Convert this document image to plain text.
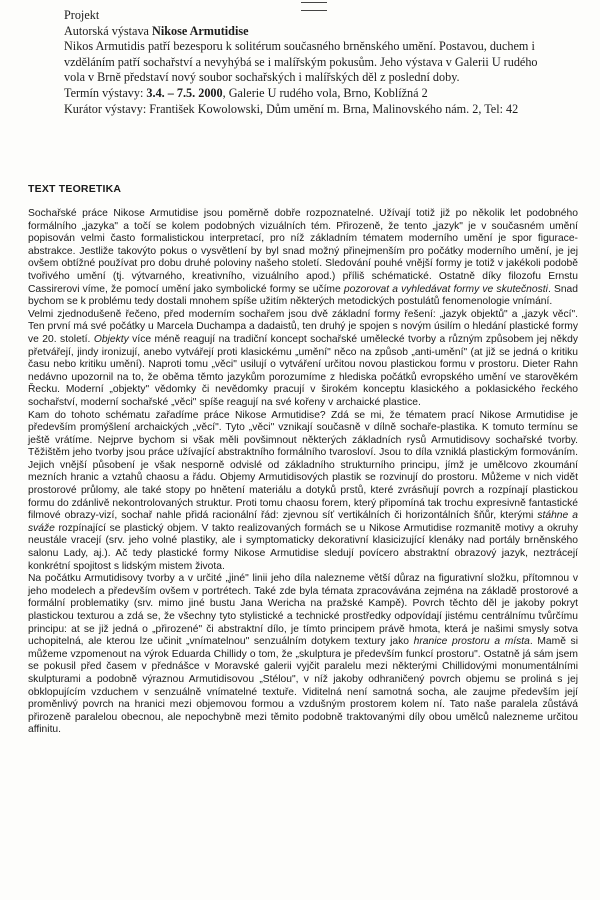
Projekt

Autorská výstava Nikose Armutidise

Nikos Armutidis patří bezesporu k solitérum současného brněnského umění. Postavou, duchem i vzděláním patří sochařství a nevyhýbá se i malířským pokusům. Jeho výstava v Galerii U rudého vola v Brně představí nový soubor sochařských i malířských děl z poslední doby.

Termín výstavy: 3.4. – 7.5. 2000, Galerie U rudého vola, Brno, Koblížná 2

Kurátor výstavy: František Kowolowski, Dům umění m. Brna, Malinovského nám. 2, Tel: 42

TEXT TEORETIKA

Sochařské práce Nikose Armutidise jsou poměrně dobře rozpoznatelné. Užívají totiž již po několik let podobného formálního „jazyka" a točí se kolem podobných vizuálních tém. Přirozeně, že tento „jazyk" je v současném umění popisován velmi často formalistickou interpretací, pro níž základním tématem moderního umění je spor figurace-abstrakce. Jestliže takovýto pokus o vysvětlení by byl snad možný přinejmenším pro počátky moderního umění, je jej ovšem obtížné používat pro dobu druhé poloviny našeho století. Sledování pouhé vnější formy je totiž v jakékoli podobě tvořivého umění (tj. výtvarného, kreativního, vizuálního apod.) příliš schématické. Ostatně díky filozofu Ernstu Cassirerovi víme, že pomocí umění jako symbolické formy se učíme pozorovat a vyhledávat formy ve skutečnosti. Snad bychom se k problému tedy dostali mnohem spíše užitím některých metodických postulátů fenomenologie vnímání.

Velmi zjednodušeně řečeno, před moderním sochařem jsou dvě základní formy řešení: „jazyk objektů" a „jazyk věcí". Ten první má své počátky u Marcela Duchampa a dadaistů, ten druhý je spojen s novým úsilím o hledání plastické formy ve 20. století. Objekty více méně reagují na tradiční koncept sochařské umělecké tvorby a různým způsobem jej někdy přetvářejí, jindy ironizují, anebo vytvářejí proti klasickému „umění" něco na způsob „anti-umění" (at již se jedná o kritiku času nebo kritiku umění). Naproti tomu „věci" usilují o vytváření určitou novou plastickou formu v prostoru. Dieter Rahn nedávno upozornil na to, že oběma těmto jazykům porozumíme z hlediska počátků evropského umění ve starověkém Řecku. Moderní „objekty" vědomky či nevědomky pracují v širokém konceptu klasického a poklasického řeckého sochařství, moderní sochařské „věci" spíše reagují na své kořeny v archaické plastice.

Kam do tohoto schématu zařadíme práce Nikose Armutidise? Zdá se mi, že tématem prací Nikose Armutidise je především promýšlení archaických „věcí". Tyto „věci" vznikají současně v dílně sochaře-plastika. K tomuto termínu se ještě vrátíme. Nejprve bychom si však měli povšimnout některých základních rysů Armutidisovy sochařské tvorby. Těžištěm jeho tvorby jsou práce užívající abstraktního formálního tvarosloví. Jsou to díla vzniklá plastickým formováním. Jejich vnější působení je však nesporně odvislé od základního strukturního principu, jímž je umělcovo zkoumání mezních hranic a vztahů chaosu a řádu. Objemy Armutidisových plastik se rozvinují do prostoru. Můžeme v nich vidět prostorové průlomy, ale také stopy po hnětení materiálu a dotyků prstů, které zvrásňují povrch a rozpínají plastickou formu do zdánlivě nekontrolovaných struktur. Proti tomu chaosu forem, který připomíná tak trochu expresivně fantastické filmové obrazy-vizí, sochař nahle přidá racionální řád: zjevnou síť vertikálních či horizontálních šňůr, kterými stáhne a sváže rozpínající se plastický objem. V takto realizovaných formách se u Nikose Armutidise rozmanitě motivy a okruhy neustále vracejí (srv. jeho volné plastiky, ale i symptomaticky dekorativní klasicizující klenáky nad portály brněnského salonu Lady, aj.). Ač tedy plastické formy Nikose Armutidise sledují povícero abstraktní obrazový jazyk, neztrácejí konkrétní spojitost s lidským mistem života.

Na počátku Armutidisovy tvorby a v určité „jiné" linii jeho díla nalezneme větší důraz na figurativní složku, přítomnou v jeho modelech a především ovšem v portrétech. Také zde byla témata zpracovávána zejména na základě prostorové a formální problematiky (srv. mimo jiné bustu Jana Wericha na pražské Kampě). Povrch těchto děl je jakoby pokryt plastickou texturou a zdá se, že všechny tyto stylistické a technické prostředky odpovídají jistému centrálnímu tvůrčímu principu: at se již jedná o „přirozené" či abstraktní dílo, je tímto principem právě hmota, která je našimi smysly sotva uchopitelná, ale kterou lze učinit „vnímatelnou" senzuálním dotykem textury jako hranice prostoru a místa. Mamě si můžeme vzpomenout na výrok Eduarda Chillidy o tom, že „skulptura je především funkcí prostoru". Ostatně já sám jsem se pokusil před časem v přednášce v Moravské galerii vyjčit paralelu mezi některými Chillidovými monumentálními skulpturami a podobně výraznou Armutidisovou „Stélou", v níž jakoby odhraničený povrch objemu se proliná s jej obklopujícím vzduchem v senzuálně vnímatelné textuře. Viditelná není samotná socha, ale zaujme především její proměnlivý povrch na hranici mezi objemovou formou a vzdušným prostorem kolem ní. Tato naše paralela zůstává přirozeně paralelou obecnou, ale nepochybně mezi těmito podobně traktovanými díly obou umělců nalezneme určitou affinitu.
